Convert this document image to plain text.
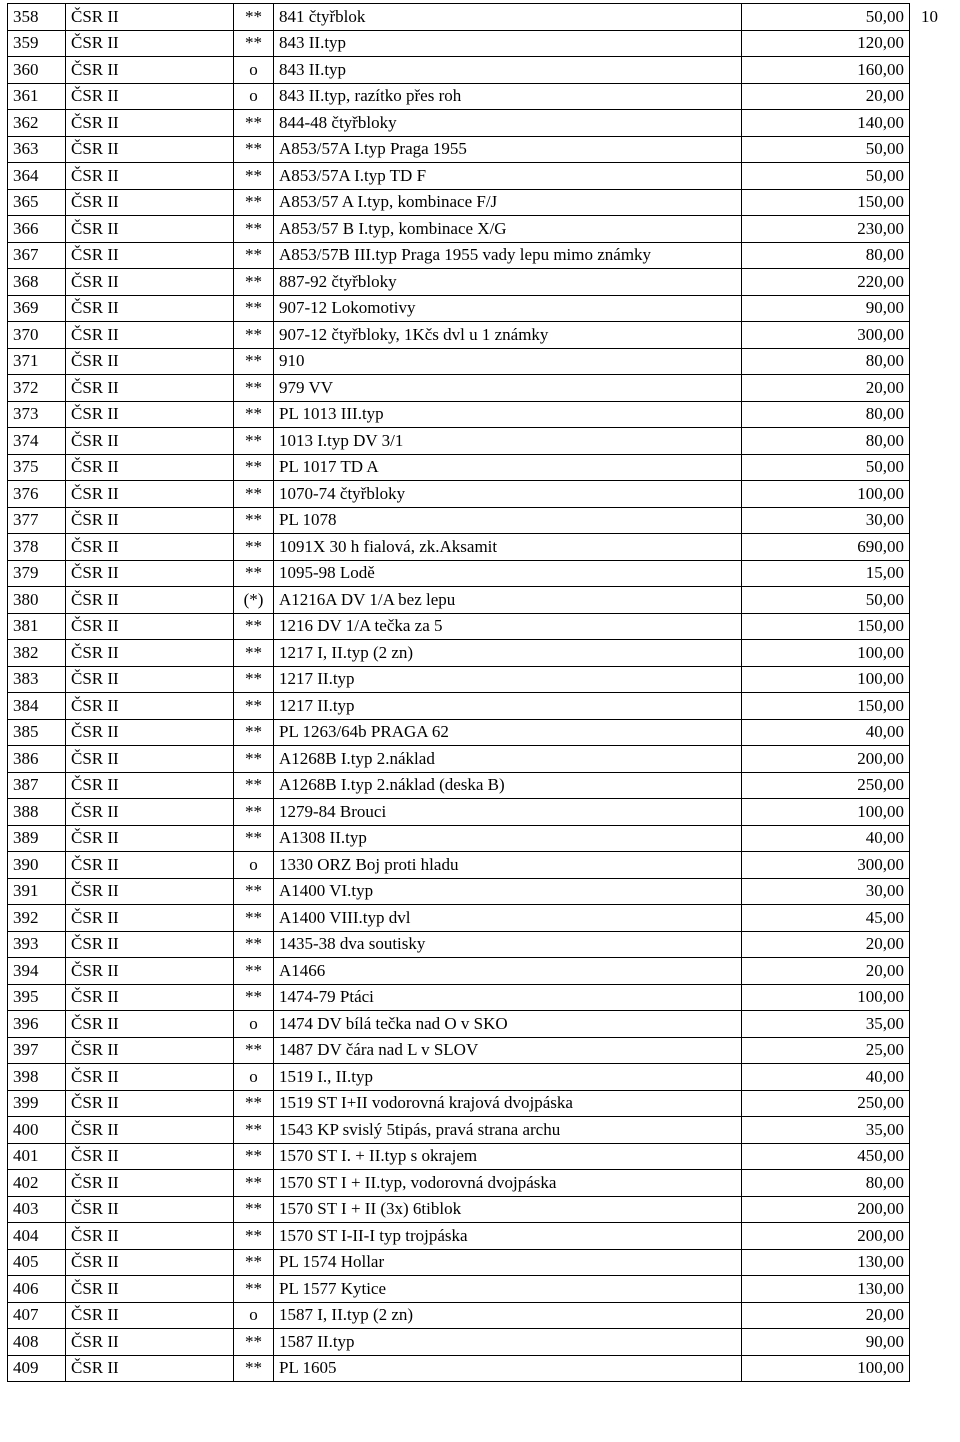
10
358	ČSR II	**	841 čtyřblok	50,00
359	ČSR II	**	843 II.typ	120,00
360	ČSR II	o	843 II.typ	160,00
361	ČSR II	o	843 II.typ, razítko přes roh	20,00
362	ČSR II	**	844-48 čtyřbloky	140,00
363	ČSR II	**	A853/57A I.typ Praga 1955	50,00
364	ČSR II	**	A853/57A I.typ TD F	50,00
365	ČSR II	**	A853/57 A I.typ, kombinace F/J	150,00
366	ČSR II	**	A853/57 B I.typ, kombinace X/G	230,00
367	ČSR II	**	A853/57B III.typ Praga 1955 vady lepu mimo známky	80,00
368	ČSR II	**	887-92 čtyřbloky	220,00
369	ČSR II	**	907-12 Lokomotivy	90,00
370	ČSR II	**	907-12 čtyřbloky, 1Kčs dvl u 1 známky	300,00
371	ČSR II	**	910	80,00
372	ČSR II	**	979 VV	20,00
373	ČSR II	**	PL 1013 III.typ	80,00
374	ČSR II	**	1013 I.typ DV 3/1	80,00
375	ČSR II	**	PL 1017 TD A	50,00
376	ČSR II	**	1070-74 čtyřbloky	100,00
377	ČSR II	**	PL 1078	30,00
378	ČSR II	**	1091X 30 h fialová, zk.Aksamit	690,00
379	ČSR II	**	1095-98 Lodě	15,00
380	ČSR II	(*)	A1216A DV 1/A bez lepu	50,00
381	ČSR II	**	1216 DV 1/A tečka za 5	150,00
382	ČSR II	**	1217 I, II.typ (2 zn)	100,00
383	ČSR II	**	1217 II.typ	100,00
384	ČSR II	**	1217 II.typ	150,00
385	ČSR II	**	PL 1263/64b PRAGA 62	40,00
386	ČSR II	**	A1268B I.typ 2.náklad	200,00
387	ČSR II	**	A1268B I.typ 2.náklad (deska B)	250,00
388	ČSR II	**	1279-84 Brouci	100,00
389	ČSR II	**	A1308 II.typ	40,00
390	ČSR II	o	1330 ORZ Boj proti hladu	300,00
391	ČSR II	**	A1400 VI.typ	30,00
392	ČSR II	**	A1400 VIII.typ dvl	45,00
393	ČSR II	**	1435-38 dva soutisky	20,00
394	ČSR II	**	A1466	20,00
395	ČSR II	**	1474-79 Ptáci	100,00
396	ČSR II	o	1474 DV bílá tečka nad O v SKO	35,00
397	ČSR II	**	1487 DV čára nad L v SLOV	25,00
398	ČSR II	o	1519 I., II.typ	40,00
399	ČSR II	**	1519 ST I+II vodorovná krajová dvojpáska	250,00
400	ČSR II	**	1543 KP svislý 5tipás, pravá strana archu	35,00
401	ČSR II	**	1570 ST I. + II.typ s okrajem	450,00
402	ČSR II	**	1570 ST I + II.typ, vodorovná dvojpáska	80,00
403	ČSR II	**	1570 ST I + II (3x) 6tiblok	200,00
404	ČSR II	**	1570 ST I-II-I typ trojpáska	200,00
405	ČSR II	**	PL 1574 Hollar	130,00
406	ČSR II	**	PL 1577 Kytice	130,00
407	ČSR II	o	1587 I, II.typ (2 zn)	20,00
408	ČSR II	**	1587 II.typ	90,00
409	ČSR II	**	PL 1605	100,00
